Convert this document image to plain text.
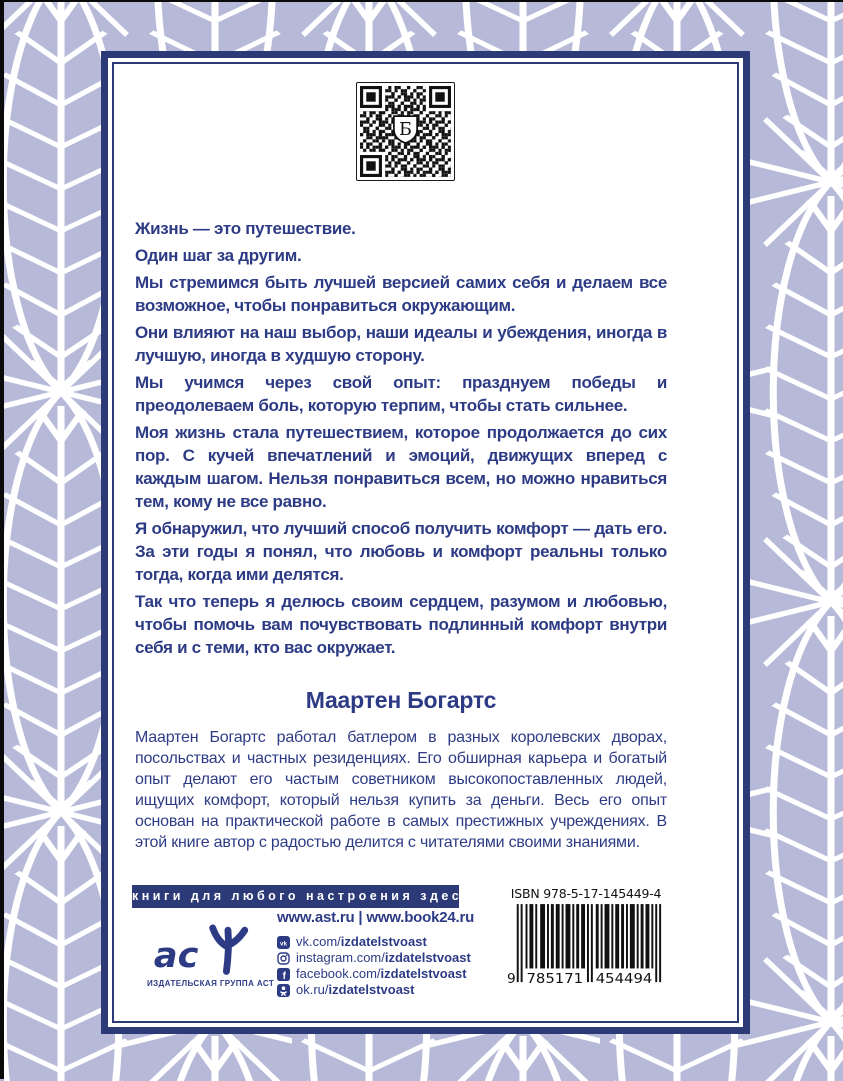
Б

Жизнь — это путешествие.

Один шаг за другим.

Мы стремимся быть лучшей версией самих себя и делаем все возможное, чтобы понравиться окружающим.

Они влияют на наш выбор, наши идеалы и убеждения, иногда в лучшую, иногда в худшую сторону.

Мы учимся через свой опыт: празднуем победы и преодолеваем боль, которую терпим, чтобы стать сильнее.

Моя жизнь стала путешествием, которое продолжается до сих пор. С кучей впечатлений и эмоций, движущих вперед с каждым шагом. Нельзя понравиться всем, но можно нравиться тем, кому не все равно.

Я обнаружил, что лучший способ получить комфорт — дать его. За эти годы я понял, что любовь и комфорт реальны только тогда, когда ими делятся.

Так что теперь я делюсь своим сердцем, разумом и любовью, чтобы помочь вам почувствовать подлинный комфорт внутри себя и с теми, кто вас окружает.

Маартен Богартс

Маартен Богартс работал батлером в разных королевских дворах, посольствах и частных резиденциях. Его обширная карьера и богатый опыт делают его частым советником высокопоставленных людей, ищущих комфорт, который нельзя купить за деньги. Весь его опыт основан на практической работе в самых престижных учреждениях. В этой книге автор с радостью делится с читателями своими знаниями.

книги для любого настроения здесь
ас
ИЗДАТЕЛЬСКАЯ ГРУППА АСТ
www.ast.ru | www.book24.ru
vk vk.com/izdatelstvoast
instagram.com/izdatelstvoast
f facebook.com/izdatelstvoast
ok.ru/izdatelstvoast
ISBN 978-5-17-145449-4
9 785171 454494
